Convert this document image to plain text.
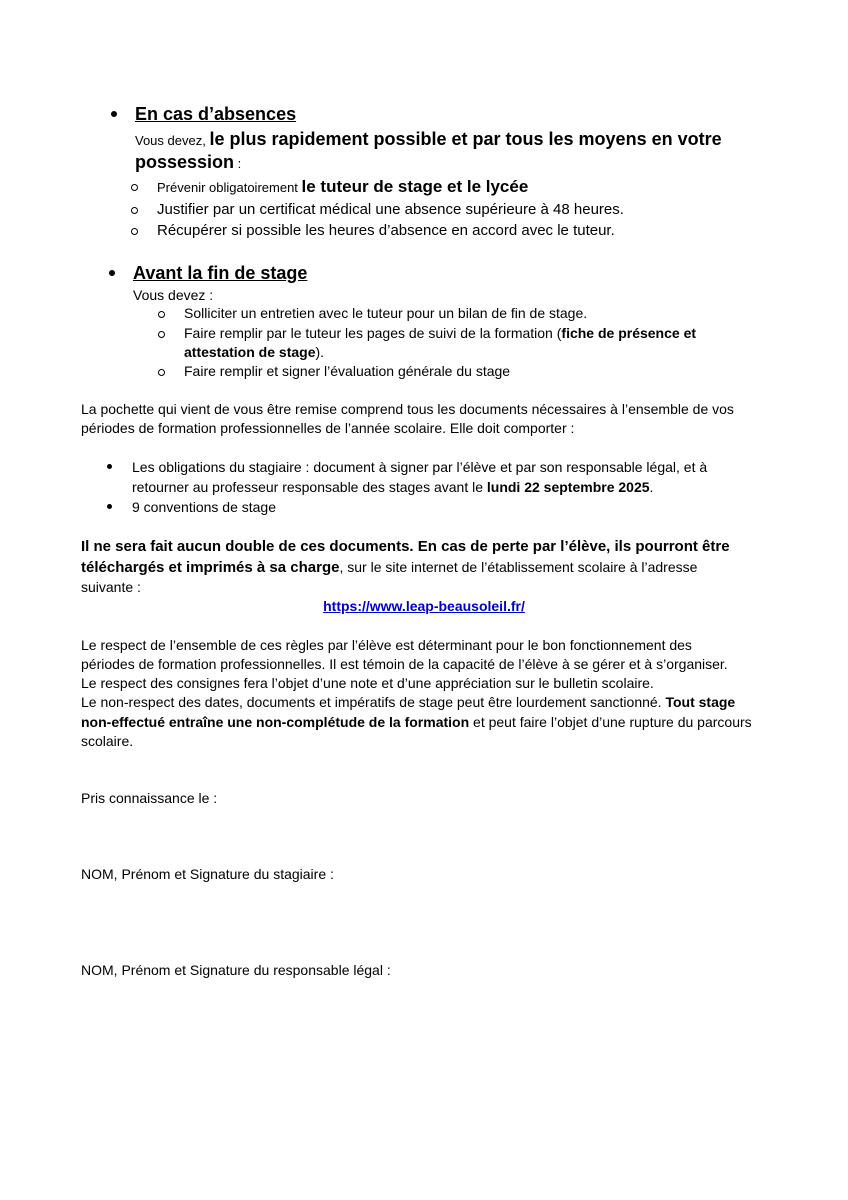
En cas d’absences
Vous devez, le plus rapidement possible et par tous les moyens en votre
possession :
Prévenir obligatoirement le tuteur de stage et le lycée
Justifier par un certificat médical une absence supérieure à 48 heures.
Récupérer si possible les heures d’absence en accord avec le tuteur.
Avant la fin de stage
Vous devez :
Solliciter un entretien avec le tuteur pour un bilan de fin de stage.
Faire remplir par le tuteur les pages de suivi de la formation (fiche de présence et
attestation de stage).
Faire remplir et signer l’évaluation générale du stage
La pochette qui vient de vous être remise comprend tous les documents nécessaires à l’ensemble de vos
périodes de formation professionnelles de l’année scolaire. Elle doit comporter :
Les obligations du stagiaire : document à signer par l’élève et par son responsable légal, et à
retourner au professeur responsable des stages avant le lundi 22 septembre 2025.
9 conventions de stage
Il ne sera fait aucun double de ces documents. En cas de perte par l’élève, ils pourront être
téléchargés et imprimés à sa charge, sur le site internet de l’établissement scolaire à l’adresse
suivante :
https://www.leap-beausoleil.fr/
Le respect de l’ensemble de ces règles par l’élève est déterminant pour le bon fonctionnement des
périodes de formation professionnelles. Il est témoin de la capacité de l’élève à se gérer et à s’organiser.
Le respect des consignes fera l’objet d’une note et d’une appréciation sur le bulletin scolaire.
Le non-respect des dates, documents et impératifs de stage peut être lourdement sanctionné. Tout stage
non-effectué entraîne une non-complétude de la formation et peut faire l’objet d’une rupture du parcours
scolaire.
Pris connaissance le :
NOM, Prénom et Signature du stagiaire :
NOM, Prénom et Signature du responsable légal :
